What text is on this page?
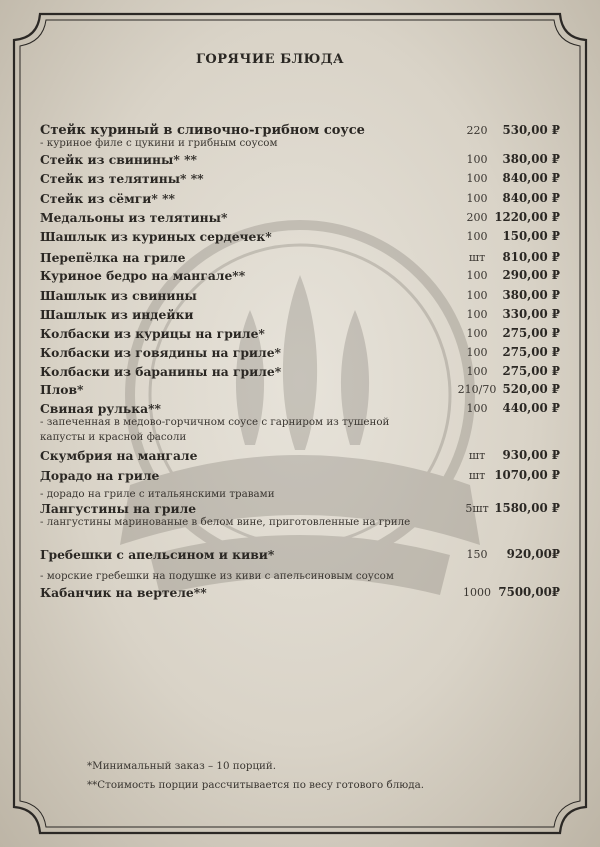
ГОРЯЧИЕ БЛЮДА
Стейк куриный в сливочно-грибном соусе	220	530,00 ₽
Стейк из свинины* **	100	380,00 ₽
Стейк из телятины* **	100	840,00 ₽
Стейк из сёмги* **	100	840,00 ₽
Медальоны из телятины*	200 1220,00 ₽
Шашлык из куриных сердечек*	100	150,00 ₽
Перепёлка на гриле	шт	810,00 ₽
Куриное бедро на мангале**	100	290,00 ₽
Шашлык из свинины	100	380,00 ₽
Шашлык из индейки	100	330,00 ₽
Колбаски из курицы на гриле*	100	275,00 ₽
Колбаски из говядины на гриле*	100	275,00 ₽
Колбаски из баранины на гриле*	100	275,00 ₽
Плов*	210/70 520,00 ₽
Свиная рулька**	100	440,00 ₽
Скумбрия на мангале	шт	930,00 ₽
Дорадо на гриле	шт 1070,00 ₽
Лангустины на гриле	5шт 1580,00 ₽
Гребешки с апельсином и киви*	150	920,00₽
Кабанчик на вертеле**	1000 7500,00₽
- куриное филе с цукини и грибным соусом
- запеченная в медово-горчичном соусе с гарниром из тушеной капусты и красной фасоли
- дорадо на гриле с итальянскими травами
- лангустины маринованые в белом вине, приготовленные на гриле
- морские гребешки на подушке из киви с апельсиновым соусом
*Минимальный заказ – 10 порций.
**Стоимость порции рассчитывается по весу готового блюда.
